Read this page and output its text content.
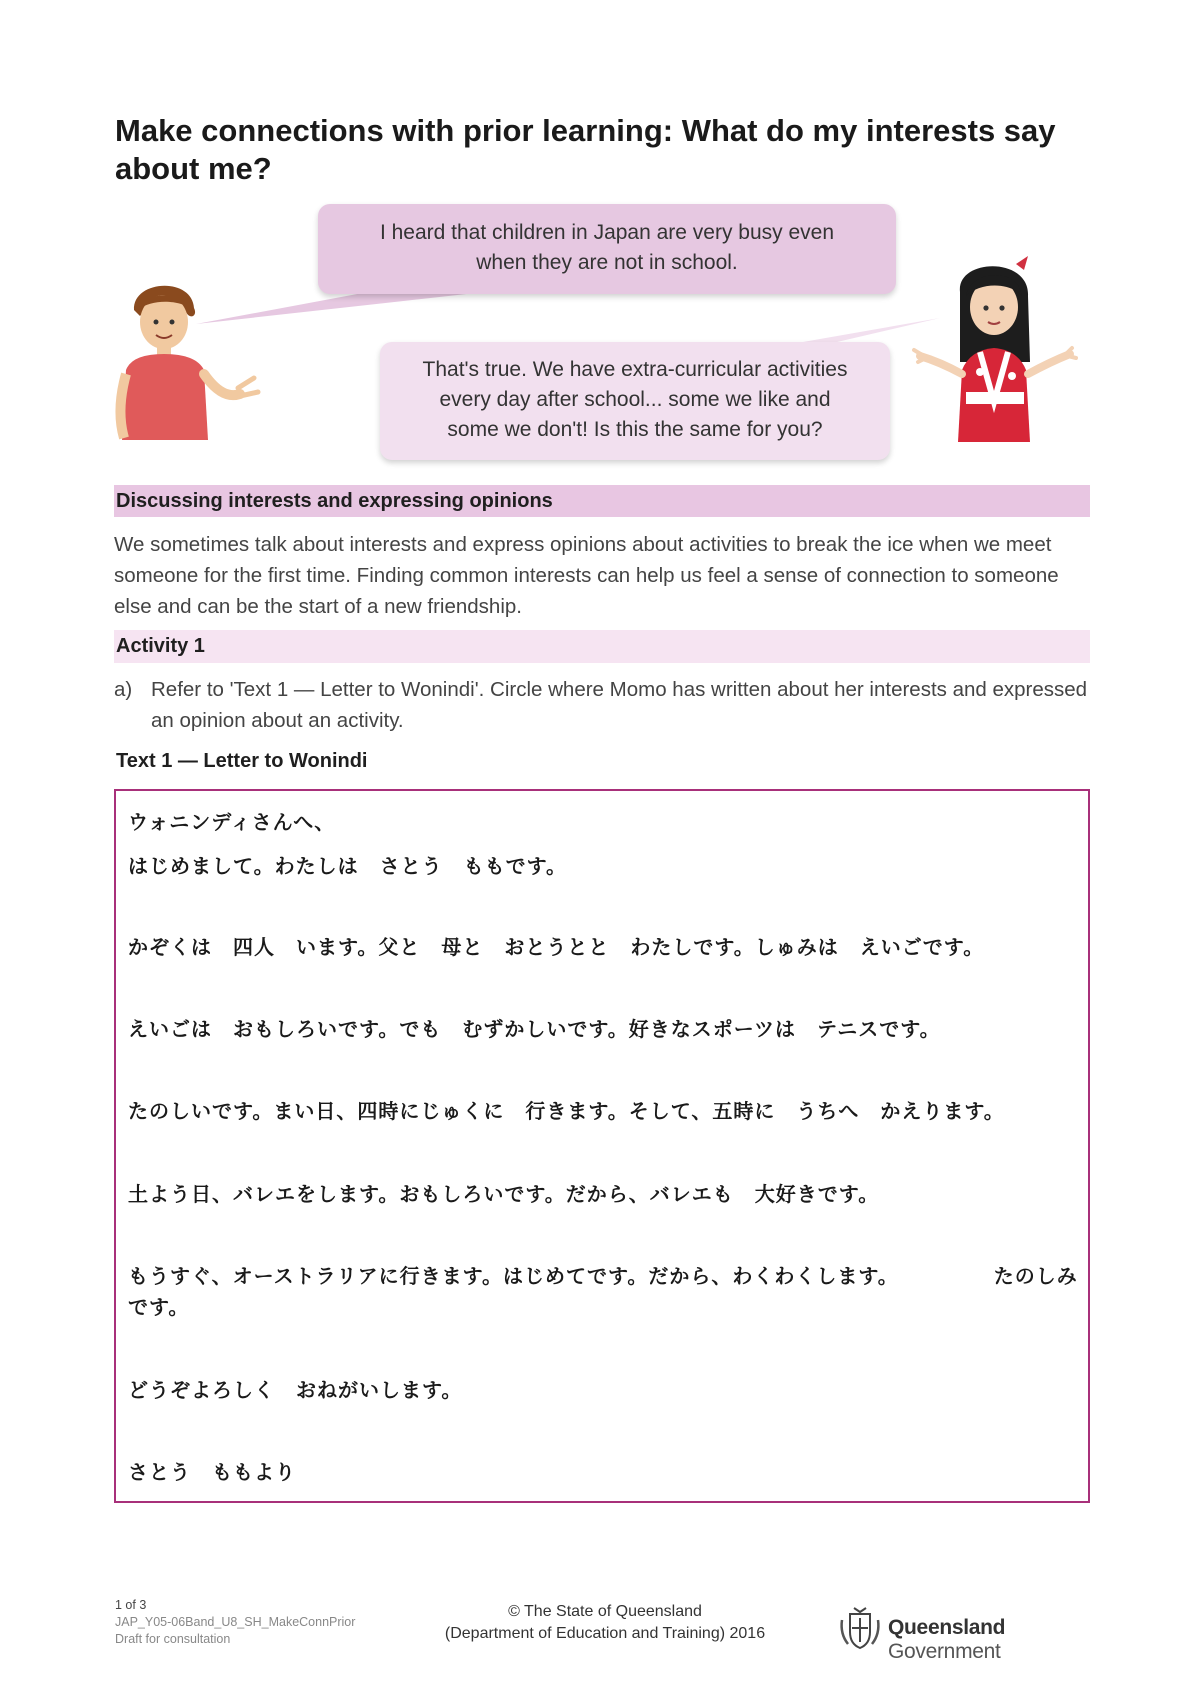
Make connections with prior learning: What do my interests say about me?
I heard that children in Japan are very busy even
when they are not in school.
That's true. We have extra-curricular activities
every day after school... some we like and
some we don't! Is this the same for you?
Discussing interests and expressing opinions

We sometimes talk about interests and express opinions about activities to break the ice when we meet someone for the first time. Finding common interests can help us feel a sense of connection to someone else and can be the start of a new friendship.

Activity 1
a) Refer to 'Text 1 — Letter to Wonindi'. Circle where Momo has written about her interests and expressed an opinion about an activity.
Text 1 — Letter to Wonindi
ウォニンディさんへ、
はじめまして。わたしは　さとう　ももです。
かぞくは　四人　います。父と　母と　おとうとと　わたしです。しゅみは　えいごです。
えいごは　おもしろいです。でも　むずかしいです。好きなスポーツは　テニスです。
たのしいです。まい日、四時にじゅくに　行きます。そして、五時に　うちへ　かえります。
土よう日、バレエをします。おもしろいです。だから、バレエも　大好きです。
もうすぐ、オーストラリアに行きます。はじめてです。だから、わくわくします。　　　　　たのしみです。
どうぞよろしく　おねがいします。
さとう　ももより
1 of 3
JAP_Y05-06Band_U8_SH_MakeConnPrior
Draft for consultation
© The State of Queensland
(Department of Education and Training) 2016	Queensland Government
